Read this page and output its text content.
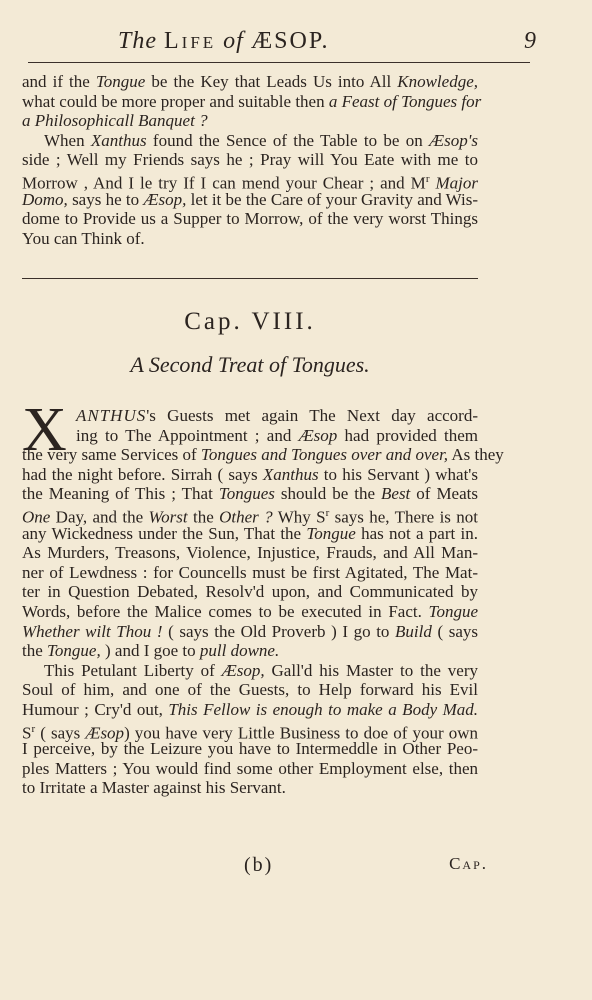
The Life of ÆSOP.	9
and if the Tongue be the Key that Leads Us into All Knowledge,
what could be more proper and suitable then a Feast of Tongues for
a Philosophicall Banquet ?
When Xanthus found the Sence of the Table to be on Æsop's
side ; Well my Friends says he ; Pray will You Eate with me to
Morrow , And I le try If I can mend your Chear ; and $M^r$ Major
Domo, says he to Æsop, let it be the Care of your Gravity and Wis-
dome to Provide us a Supper to Morrow, of the very worst Things
You can Think of.
Cap. VIII.
A Second Treat of Tongues.
X ANTHUS's Guests met again The Next day accord-
ing to The Appointment ; and Æsop had provided them
the very same Services of Tongues and Tongues over and over, As they
had the night before. Sirrah ( says Xanthus to his Servant ) what's
the Meaning of This ; That Tongues should be the Best of Meats
One Day, and the Worst the Other ? Why $S^r$ says he, There is not
any Wickedness under the Sun, That the Tongue has not a part in.
As Murders, Treasons, Violence, Injustice, Frauds, and All Man-
ner of Lewdness : for Councells must be first Agitated, The Mat-
ter in Question Debated, Resolv'd upon, and Communicated by
Words, before the Malice comes to be executed in Fact. Tongue
Whether wilt Thou ! ( says the Old Proverb ) I go to Build ( says
the Tongue, ) and I goe to pull downe.
This Petulant Liberty of Æsop, Gall'd his Master to the very
Soul of him, and one of the Guests, to Help forward his Evil
Humour ; Cry'd out, This Fellow is enough to make a Body Mad.
$S^r$ ( says Æsop) you have very Little Business to doe of your own
I perceive, by the Leizure you have to Intermeddle in Other Peo-
ples Matters ; You would find some other Employment else, then
to Irritate a Master against his Servant.
(b)	Cap.
